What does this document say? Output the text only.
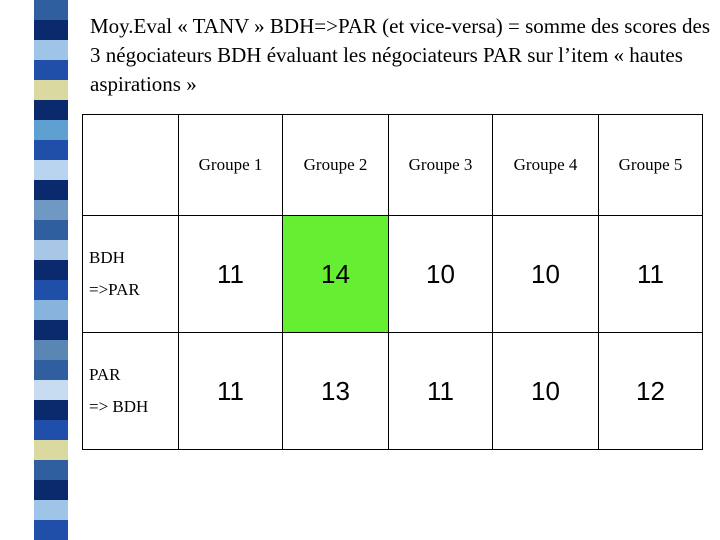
Moy.Eval « TANV » BDH=>PAR (et vice-versa) = somme des scores des 3 négociateurs BDH évaluant les négociateurs PAR sur l’item « hautes aspirations »

	Groupe 1	Groupe 2	Groupe 3	Groupe 4	Groupe 5
BDH
=>PAR	11	14	10	10	11
PAR
=> BDH	11	13	11	10	12
